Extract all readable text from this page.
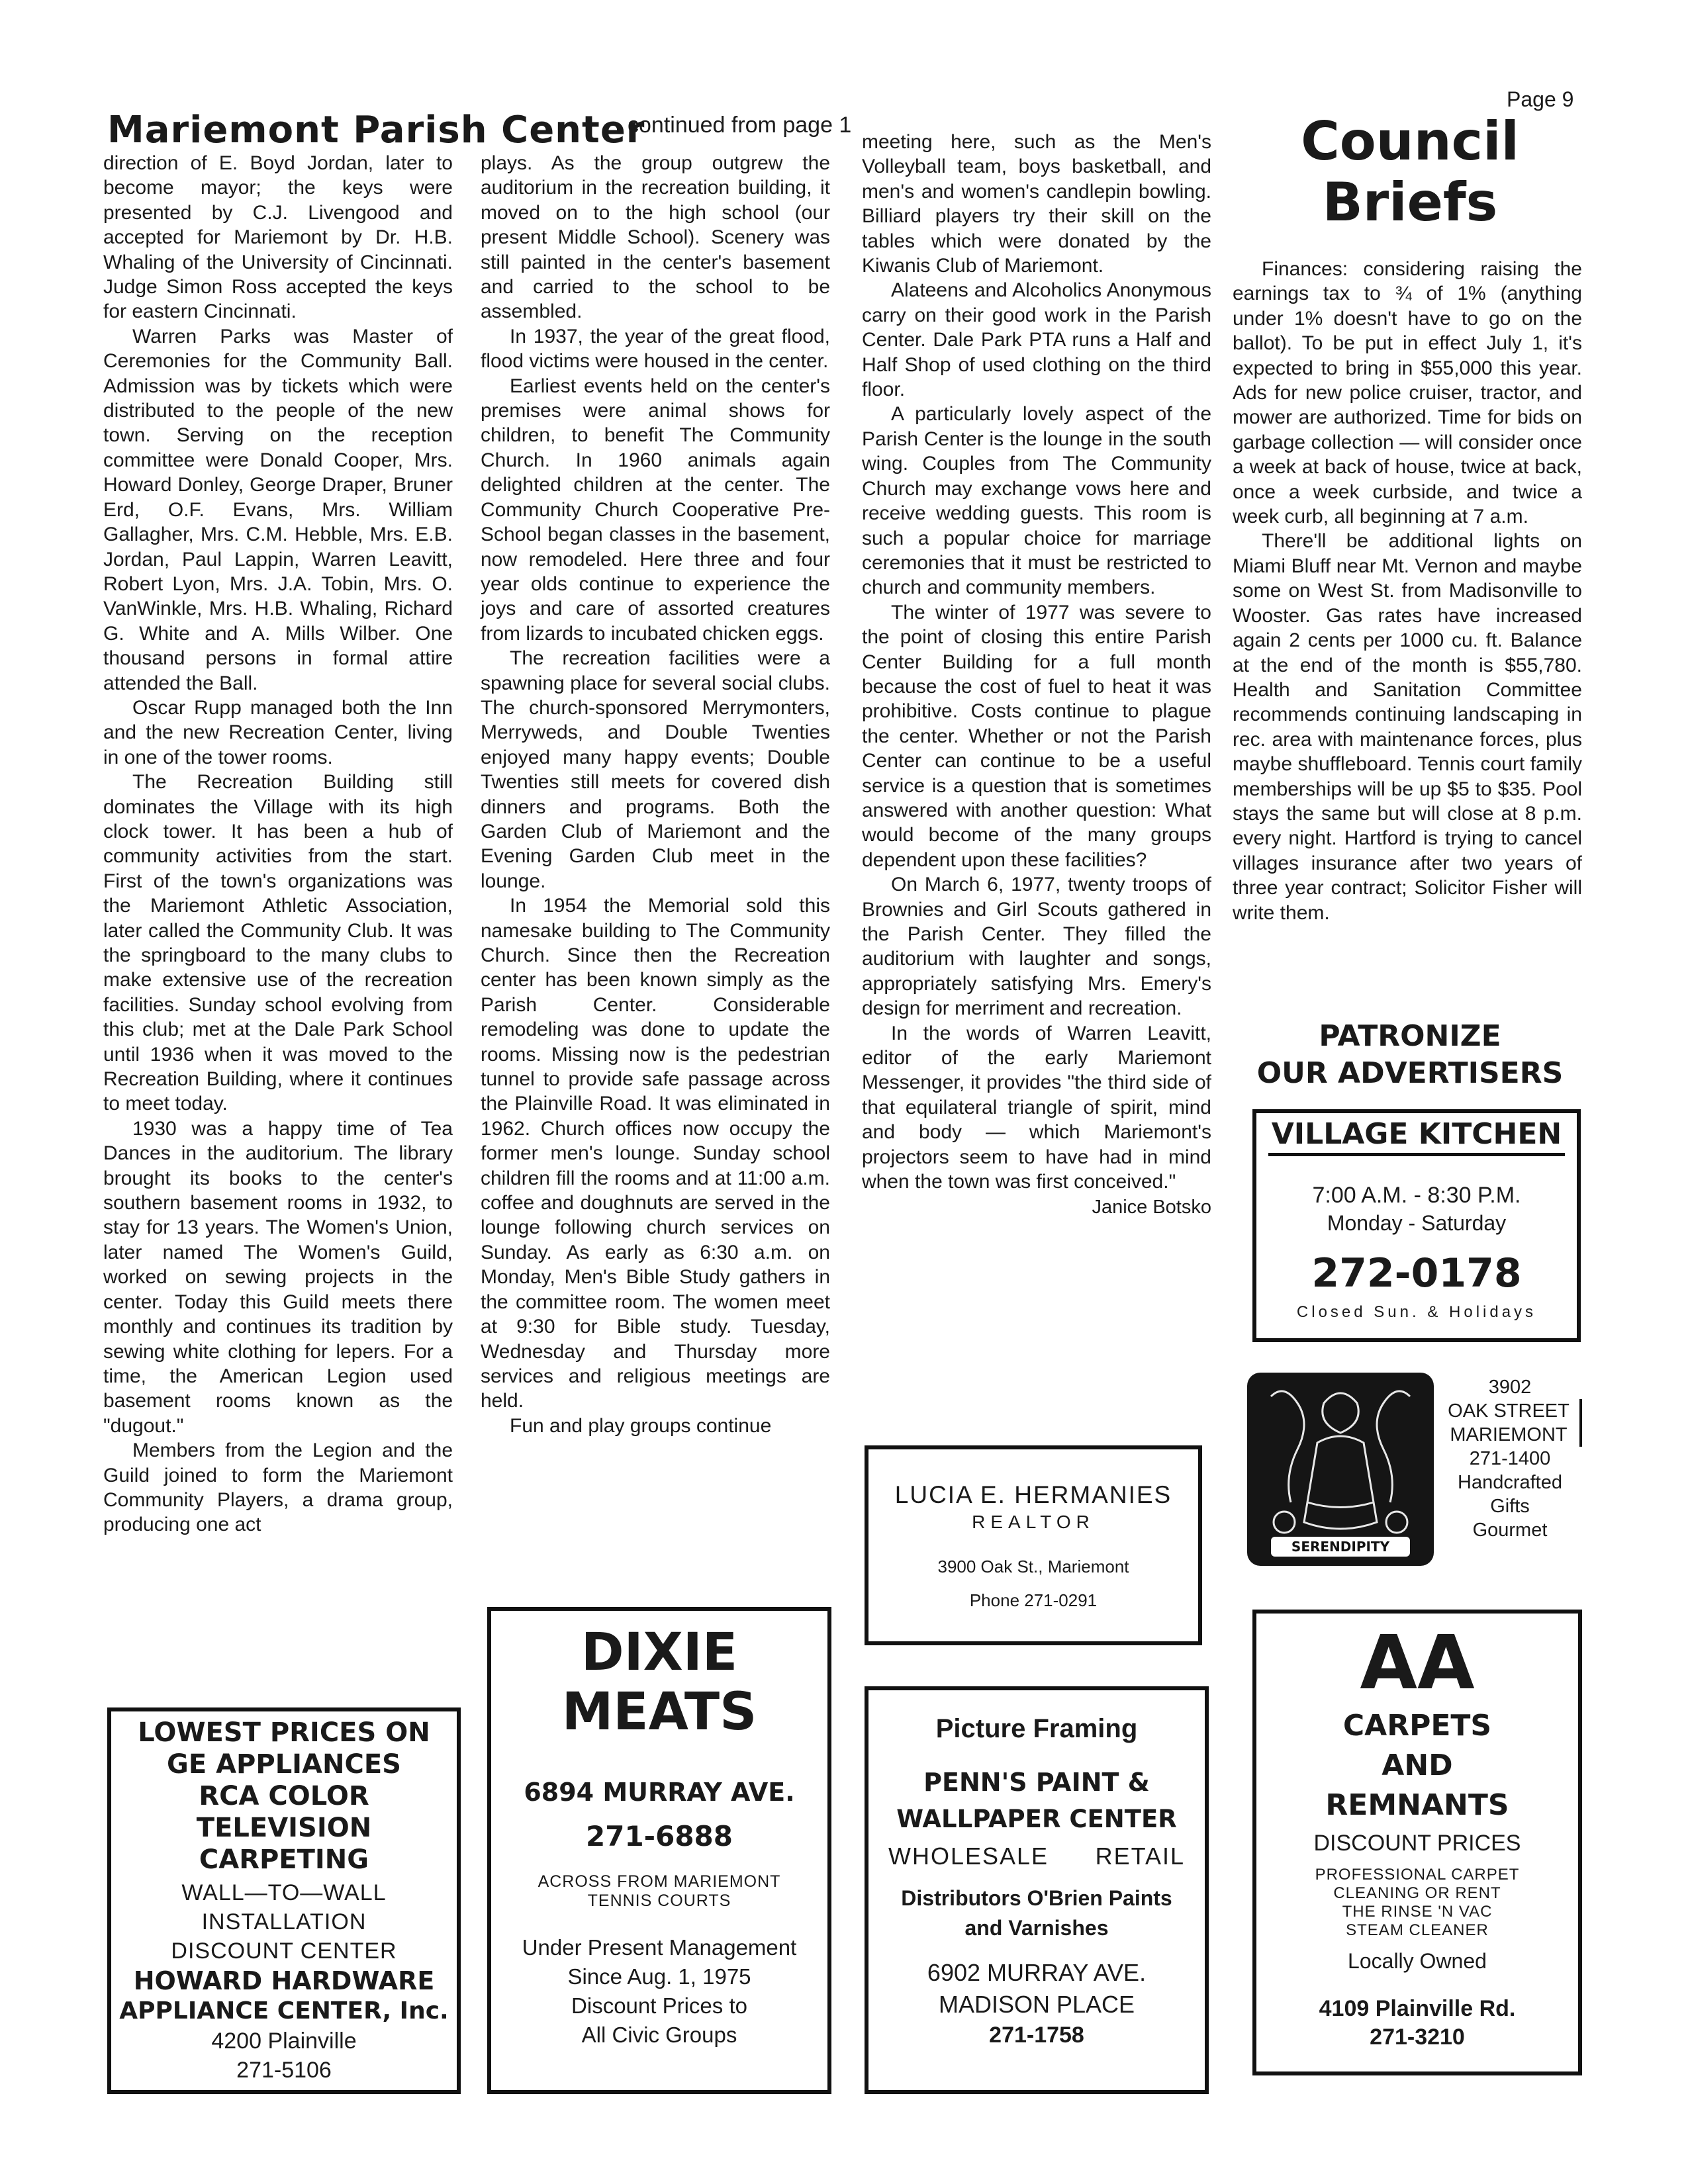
Mariemont Parish Center
continued from page 1
Page 9

direction of E. Boyd Jordan, later to become mayor; the keys were presented by C.J. Livengood and accepted for Mariemont by Dr. H.B. Whaling of the University of Cincinnati. Judge Simon Ross accepted the keys for eastern Cincinnati.

Warren Parks was Master of Ceremonies for the Community Ball. Admission was by tickets which were distributed to the people of the new town. Serving on the reception committee were Donald Cooper, Mrs. Howard Donley, George Draper, Bruner Erd, O.F. Evans, Mrs. William Gallagher, Mrs. C.M. Hebble, Mrs. E.B. Jordan, Paul Lappin, Warren Leavitt, Robert Lyon, Mrs. J.A. Tobin, Mrs. O. VanWinkle, Mrs. H.B. Whaling, Richard G. White and A. Mills Wilber. One thousand persons in formal attire attended the Ball.

Oscar Rupp managed both the Inn and the new Recreation Center, living in one of the tower rooms.

The Recreation Building still dominates the Village with its high clock tower. It has been a hub of community activities from the start. First of the town's organizations was the Mariemont Athletic Association, later called the Community Club. It was the springboard to the many clubs to make extensive use of the recreation facilities. Sunday school evolving from this club; met at the Dale Park School until 1936 when it was moved to the Recreation Building, where it continues to meet today.

1930 was a happy time of Tea Dances in the auditorium. The library brought its books to the center's southern basement rooms in 1932, to stay for 13 years. The Women's Union, later named The Women's Guild, worked on sewing projects in the center. Today this Guild meets there monthly and continues its tradition by sewing white clothing for lepers. For a time, the American Legion used basement rooms known as the "dugout."

Members from the Legion and the Guild joined to form the Mariemont Community Players, a drama group, producing one act

plays. As the group outgrew the auditorium in the recreation building, it moved on to the high school (our present Middle School). Scenery was still painted in the center's basement and carried to the school to be assembled.

In 1937, the year of the great flood, flood victims were housed in the center.

Earliest events held on the center's premises were animal shows for children, to benefit The Community Church. In 1960 animals again delighted children at the center. The Community Church Cooperative Pre-School began classes in the basement, now remodeled. Here three and four year olds continue to experience the joys and care of assorted creatures from lizards to incubated chicken eggs.

The recreation facilities were a spawning place for several social clubs. The church-sponsored Merrymonters, Merryweds, and Double Twenties enjoyed many happy events; Double Twenties still meets for covered dish dinners and programs. Both the Garden Club of Mariemont and the Evening Garden Club meet in the lounge.

In 1954 the Memorial sold this namesake building to The Community Church. Since then the Recreation center has been known simply as the Parish Center. Considerable remodeling was done to update the rooms. Missing now is the pedestrian tunnel to provide safe passage across the Plainville Road. It was eliminated in 1962. Church offices now occupy the former men's lounge. Sunday school children fill the rooms and at 11:00 a.m. coffee and doughnuts are served in the lounge following church services on Sunday. As early as 6:30 a.m. on Monday, Men's Bible Study gathers in the committee room. The women meet at 9:30 for Bible study. Tuesday, Wednesday and Thursday more services and religious meetings are held.

Fun and play groups continue

meeting here, such as the Men's Volleyball team, boys basketball, and men's and women's candlepin bowling. Billiard players try their skill on the tables which were donated by the Kiwanis Club of Mariemont.

Alateens and Alcoholics Anonymous carry on their good work in the Parish Center. Dale Park PTA runs a Half and Half Shop of used clothing on the third floor.

A particularly lovely aspect of the Parish Center is the lounge in the south wing. Couples from The Community Church may exchange vows here and receive wedding guests. This room is such a popular choice for marriage ceremonies that it must be restricted to church and community members.

The winter of 1977 was severe to the point of closing this entire Parish Center Building for a full month because the cost of fuel to heat it was prohibitive. Costs continue to plague the center. Whether or not the Parish Center can continue to be a useful service is a question that is sometimes answered with another question: What would become of the many groups dependent upon these facilities?

On March 6, 1977, twenty troops of Brownies and Girl Scouts gathered in the Parish Center. They filled the auditorium with laughter and songs, appropriately satisfying Mrs. Emery's design for merriment and recreation.

In the words of Warren Leavitt, editor of the early Mariemont Messenger, it provides "the third side of that equilateral triangle of spirit, mind and body — which Mariemont's projectors seem to have had in mind when the town was first conceived."

Janice Botsko
Council
Briefs

Finances: considering raising the earnings tax to ¾ of 1% (anything under 1% doesn't have to go on the ballot). To be put in effect July 1, it's expected to bring in $55,000 this year. Ads for new police cruiser, tractor, and mower are authorized. Time for bids on garbage collection — will consider once a week at back of house, twice at back, once a week curbside, and twice a week curb, all beginning at 7 a.m.

There'll be additional lights on Miami Bluff near Mt. Vernon and maybe some on West St. from Madisonville to Wooster. Gas rates have increased again 2 cents per 1000 cu. ft. Balance at the end of the month is $55,780. Health and Sanitation Committee recommends continuing landscaping in rec. area with maintenance forces, plus maybe shuffleboard. Tennis court family memberships will be up $5 to $35. Pool stays the same but will close at 8 p.m. every night. Hartford is trying to cancel villages insurance after two years of three year contract; Solicitor Fisher will write them.

PATRONIZE
OUR ADVERTISERS
VILLAGE KITCHEN
7:00 A.M. - 8:30 P.M.
Monday - Saturday
272-0178
Closed Sun. & Holidays
SERENDIPITY
3902
OAK STREET
MARIEMONT
271-1400
Handcrafted
Gifts
Gourmet
LUCIA E. HERMANIES
REALTOR
3900 Oak St., Mariemont
Phone 271-0291
AA
CARPETS
AND
REMNANTS
DISCOUNT PRICES
PROFESSIONAL CARPET
CLEANING OR RENT
THE RINSE 'N VAC
STEAM CLEANER
Locally Owned
4109 Plainville Rd.
271-3210
LOWEST PRICES ON
GE APPLIANCES
RCA COLOR
TELEVISION
CARPETING
WALL—TO—WALL
INSTALLATION
DISCOUNT CENTER
HOWARD HARDWARE
APPLIANCE CENTER, Inc.
4200 Plainville
271-5106
DIXIE
MEATS
6894 MURRAY AVE.
271-6888
ACROSS FROM MARIEMONT
TENNIS COURTS
Under Present Management
Since Aug. 1, 1975
Discount Prices to
All Civic Groups
Picture Framing
PENN'S PAINT &
WALLPAPER CENTER
WHOLESALE RETAIL
Distributors O'Brien Paints
and Varnishes
6902 MURRAY AVE.
MADISON PLACE
271-1758
